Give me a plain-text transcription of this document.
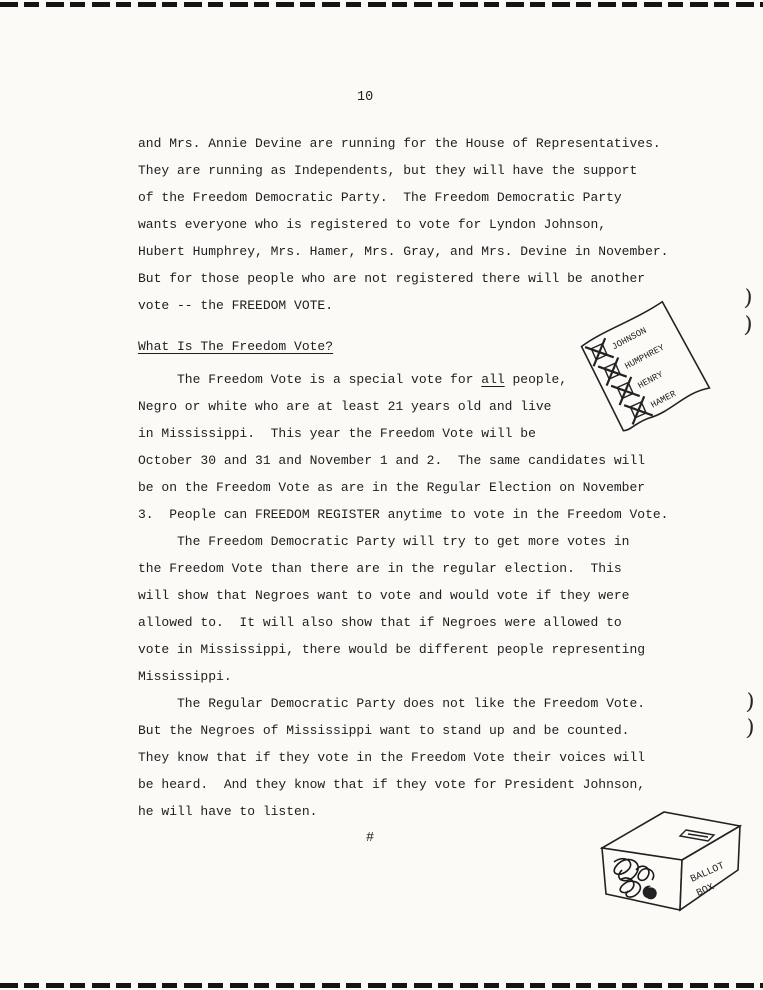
10
and Mrs. Annie Devine are running for the House of Representatives.
They are running as Independents, but they will have the support
of the Freedom Democratic Party.  The Freedom Democratic Party
wants everyone who is registered to vote for Lyndon Johnson,
Hubert Humphrey, Mrs. Hamer, Mrs. Gray, and Mrs. Devine in November.
But for those people who are not registered there will be another
vote -- the FREEDOM VOTE.
What Is The Freedom Vote?
The Freedom Vote is a special vote for all people,
Negro or white who are at least 21 years old and live
in Mississippi.  This year the Freedom Vote will be
October 30 and 31 and November 1 and 2.  The same candidates will
be on the Freedom Vote as are in the Regular Election on November
3.  People can FREEDOM REGISTER anytime to vote in the Freedom Vote.
The Freedom Democratic Party will try to get more votes in
the Freedom Vote than there are in the regular election.  This
will show that Negroes want to vote and would vote if they were
allowed to.  It will also show that if Negroes were allowed to
vote in Mississippi, there would be different people representing
Mississippi.
The Regular Democratic Party does not like the Freedom Vote.
But the Negroes of Mississippi want to stand up and be counted.
They know that if they vote in the Freedom Vote their voices will
be heard.  And they know that if they vote for President Johnson,
he will have to listen.
#
)
)
)
)
JOHNSON
HUMPHREY
HENRY
HAMER
BALLOT
BOX
